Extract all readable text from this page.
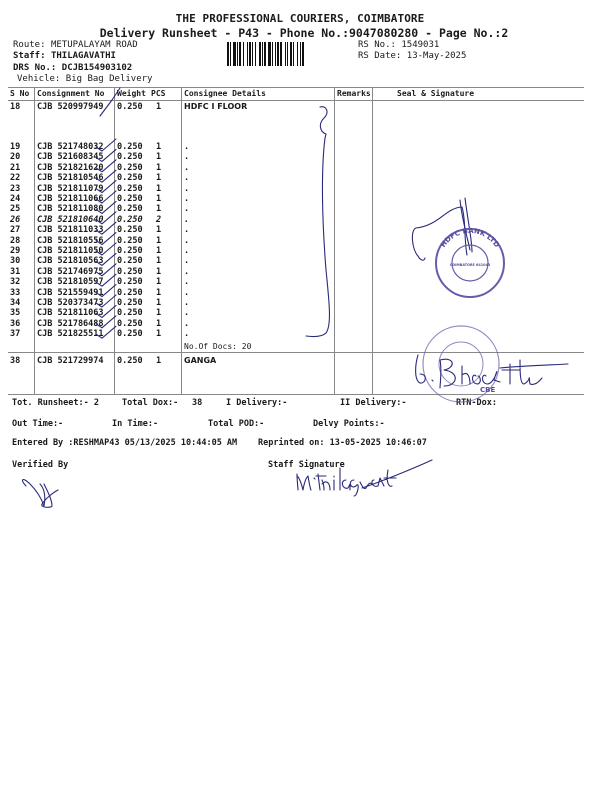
THE PROFESSIONAL COURIERS, COIMBATORE
Delivery Runsheet - P43 - Phone No.:9047080280 - Page No.:2
Route: METUPALAYAM ROAD
Staff: THILAGAVATHI
DRS No.: DCJB154903102
Vehicle: Big Bag Delivery
RS No.: 1549031
RS Date: 13-May-2025
S No Consignment No Weight PCS Consignee Details	Remarks	Seal & Signature
18 CJB 520997949 0.250 1	HDFC I FLOOR
19 CJB 521748032 0.250 1	.
20 CJB 521608345 0.250 1	.
21 CJB 521821620 0.250 1	.
22 CJB 521810546 0.250 1	.
23 CJB 521811079 0.250 1	.
24 CJB 521811066 0.250 1	.
25 CJB 521811080 0.250 1	.
26 CJB 521810640 0.250 2	.
27 CJB 521811033 0.250 1	.
28 CJB 521810556 0.250 1	.
29 CJB 521811050 0.250 1	.
30 CJB 521810563 0.250 1	.
31 CJB 521746975 0.250 1	.
32 CJB 521810597 0.250 1	.
33 CJB 521559491 0.250 1	.
34 CJB 520373473 0.250 1	.
35 CJB 521811063 0.250 1	.
36 CJB 521786488 0.250 1	.
37 CJB 521825511 0.250 1	.
No.Of Docs: 20
38 CJB 521729974 0.250 1	GANGA
Tot. Runsheet:- 2	Total Dox:- 38	I Delivery:-	II Delivery:-	RTN-Dox:
Out Time:-	In Time:-	Total POD:-	Delvy Points:-
Entered By :RESHMAP43 05/13/2025 10:44:05 AM Reprinted on: 13-05-2025 10:46:07
Verified By	Staff Signature
HDFC BANK LTD
COIMBATORE 641043
CBE
